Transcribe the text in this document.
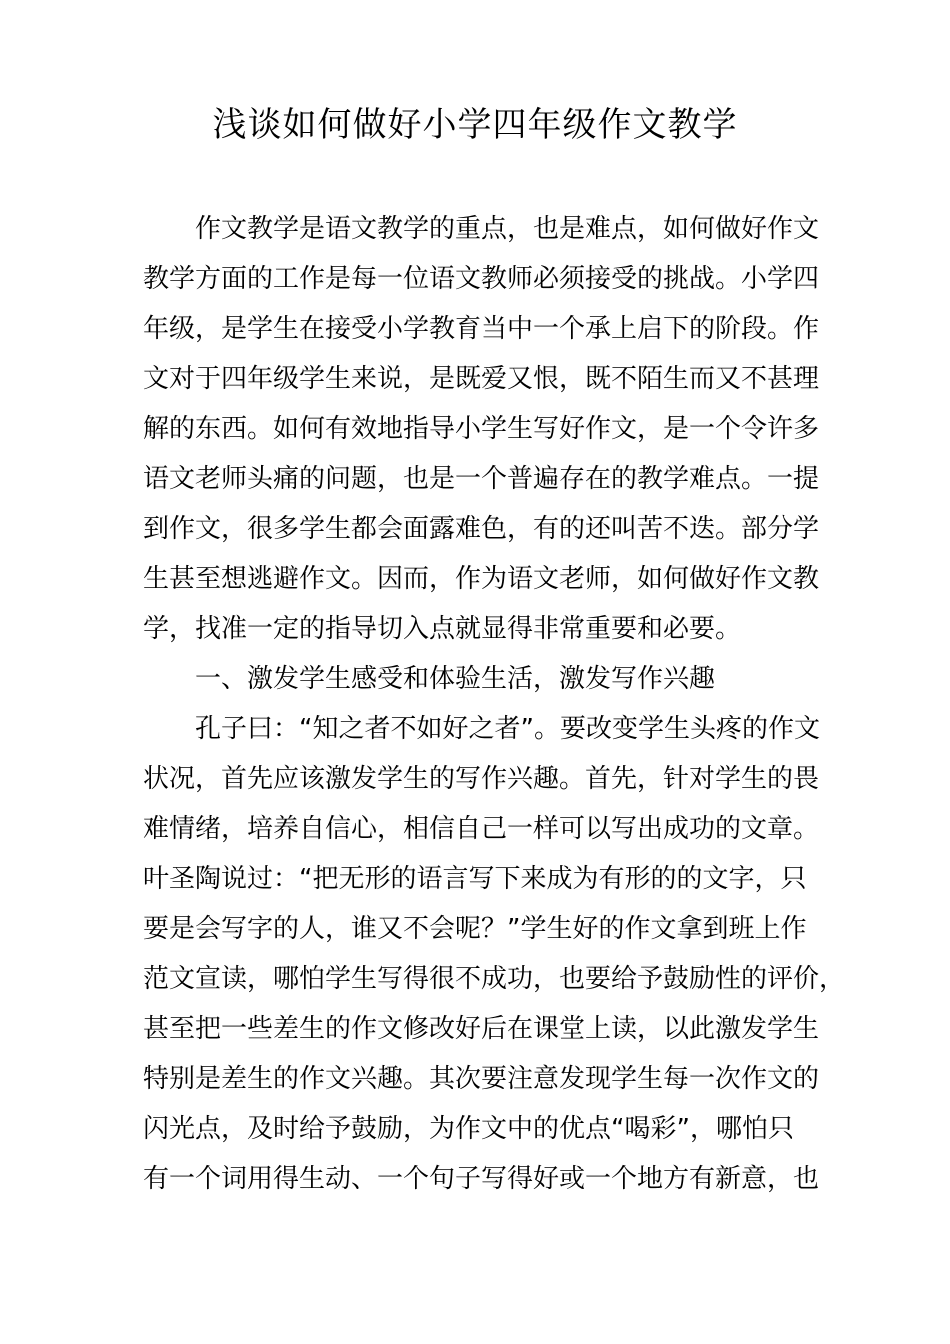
浅谈如何做好小学四年级作文教学
作文教学是语文教学的重点，也是难点，如何做好作文
教学方面的工作是每一位语文教师必须接受的挑战。小学四
年级，是学生在接受小学教育当中一个承上启下的阶段。作
文对于四年级学生来说，是既爱又恨，既不陌生而又不甚理
解的东西。如何有效地指导小学生写好作文，是一个令许多
语文老师头痛的问题，也是一个普遍存在的教学难点。一提
到作文，很多学生都会面露难色，有的还叫苦不迭。部分学
生甚至想逃避作文。因而，作为语文老师，如何做好作文教
学，找准一定的指导切入点就显得非常重要和必要。
一、激发学生感受和体验生活，激发写作兴趣
孔子曰：“知之者不如好之者”。要改变学生头疼的作文
状况，首先应该激发学生的写作兴趣。首先，针对学生的畏
难情绪，培养自信心，相信自己一样可以写出成功的文章。
叶圣陶说过：“把无形的语言写下来成为有形的的文字，只
要是会写字的人，谁又不会呢？”学生好的作文拿到班上作
范文宣读，哪怕学生写得很不成功，也要给予鼓励性的评价，
甚至把一些差生的作文修改好后在课堂上读，以此激发学生
特别是差生的作文兴趣。其次要注意发现学生每一次作文的
闪光点，及时给予鼓励，为作文中的优点“喝彩”，哪怕只
有一个词用得生动、一个句子写得好或一个地方有新意，也
